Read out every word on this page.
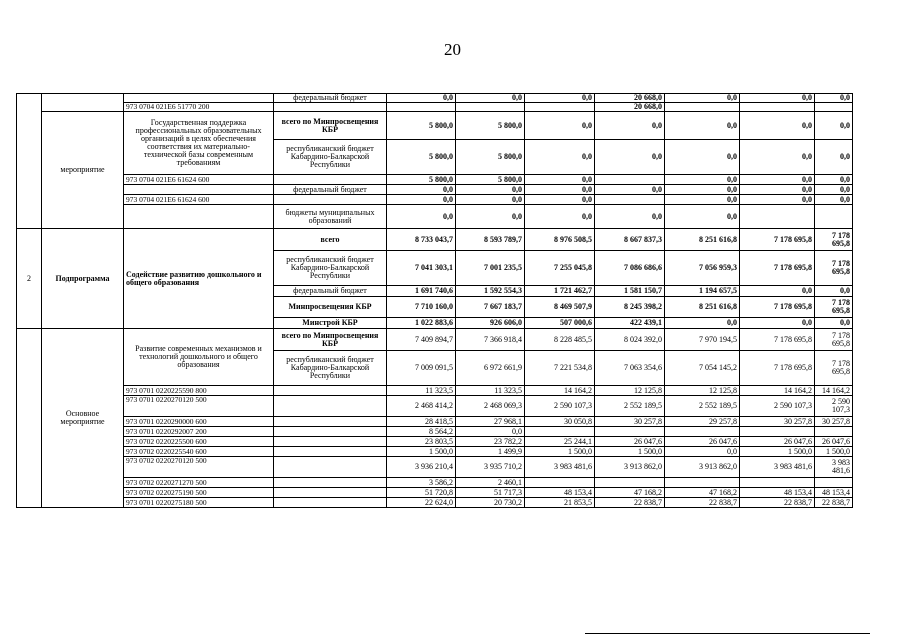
20
			федеральный бюджет	0,0	0,0	0,0	20 668,0	0,0	0,0	0,0
		973 0704 021E6 51770 200					20 668,0			
	мероприятие	Государственная поддержка профессиональных образовательных организаций в целях обеспечения соответствия их материально-технической базы современным требованиям	всего по Минпросвещения КБР	5 800,0	5 800,0	0,0	0,0	0,0	0,0	0,0
			республиканский бюджет Кабардино-Балкарской Республики	5 800,0	5 800,0	0,0	0,0	0,0	0,0	0,0
		973 0704 021E6 61624 600		5 800,0	5 800,0	0,0		0,0	0,0	0,0
			федеральный бюджет	0,0	0,0	0,0	0,0	0,0	0,0	0,0
		973 0704 021E6 61624 600		0,0	0,0	0,0		0,0	0,0	0,0
			бюджеты муниципальных образований	0,0	0,0	0,0	0,0	0,0		
2	Подпрограмма	Содействие развитию дошкольного и общего образования	всего	8 733 043,7	8 593 789,7	8 976 508,5	8 667 837,3	8 251 616,8	7 178 695,8	7 178 695,8
			республиканский бюджет Кабардино-Балкарской Республики	7 041 303,1	7 001 235,5	7 255 045,8	7 086 686,6	7 056 959,3	7 178 695,8	7 178 695,8
			федеральный бюджет	1 691 740,6	1 592 554,3	1 721 462,7	1 581 150,7	1 194 657,5	0,0	0,0
			Минпросвещения КБР	7 710 160,0	7 667 183,7	8 469 507,9	8 245 398,2	8 251 616,8	7 178 695,8	7 178 695,8
			Минстрой КБР	1 022 883,6	926 606,0	507 000,6	422 439,1	0,0	0,0	0,0
	Основное мероприятие	Развитие современных механизмов и технологий дошкольного и общего образования	всего по Минпросвещения КБР	7 409 894,7	7 366 918,4	8 228 485,5	8 024 392,0	7 970 194,5	7 178 695,8	7 178 695,8
			республиканский бюджет Кабардино-Балкарской Республики	7 009 091,5	6 972 661,9	7 221 534,8	7 063 354,6	7 054 145,2	7 178 695,8	7 178 695,8
		973 0701 0220225590 800		11 323,5	11 323,5	14 164,2	12 125,8	12 125,8	14 164,2	14 164,2
		973 0701 0220270120 500		2 468 414,2	2 468 069,3	2 590 107,3	2 552 189,5	2 552 189,5	2 590 107,3	2 590 107,3
		973 0701 0220290000 600		28 418,5	27 968,1	30 050,8	30 257,8	29 257,8	30 257,8	30 257,8
		973 0701 0220292007 200		8 564,2	0,0					
		973 0702 0220225500 600		23 803,5	23 782,2	25 244,1	26 047,6	26 047,6	26 047,6	26 047,6
		973 0702 0220225540 600		1 500,0	1 499,9	1 500,0	1 500,0	0,0	1 500,0	1 500,0
		973 0702 0220270120 500		3 936 210,4	3 935 710,2	3 983 481,6	3 913 862,0	3 913 862,0	3 983 481,6	3 983 481,6
		973 0702 0220271270 500		3 586,2	2 460,1					
		973 0702 0220275190 500		51 720,8	51 717,3	48 153,4	47 168,2	47 168,2	48 153,4	48 153,4
		973 0701 0220275180 500		22 624,0	20 730,2	21 853,5	22 838,7	22 838,7	22 838,7	22 838,7
